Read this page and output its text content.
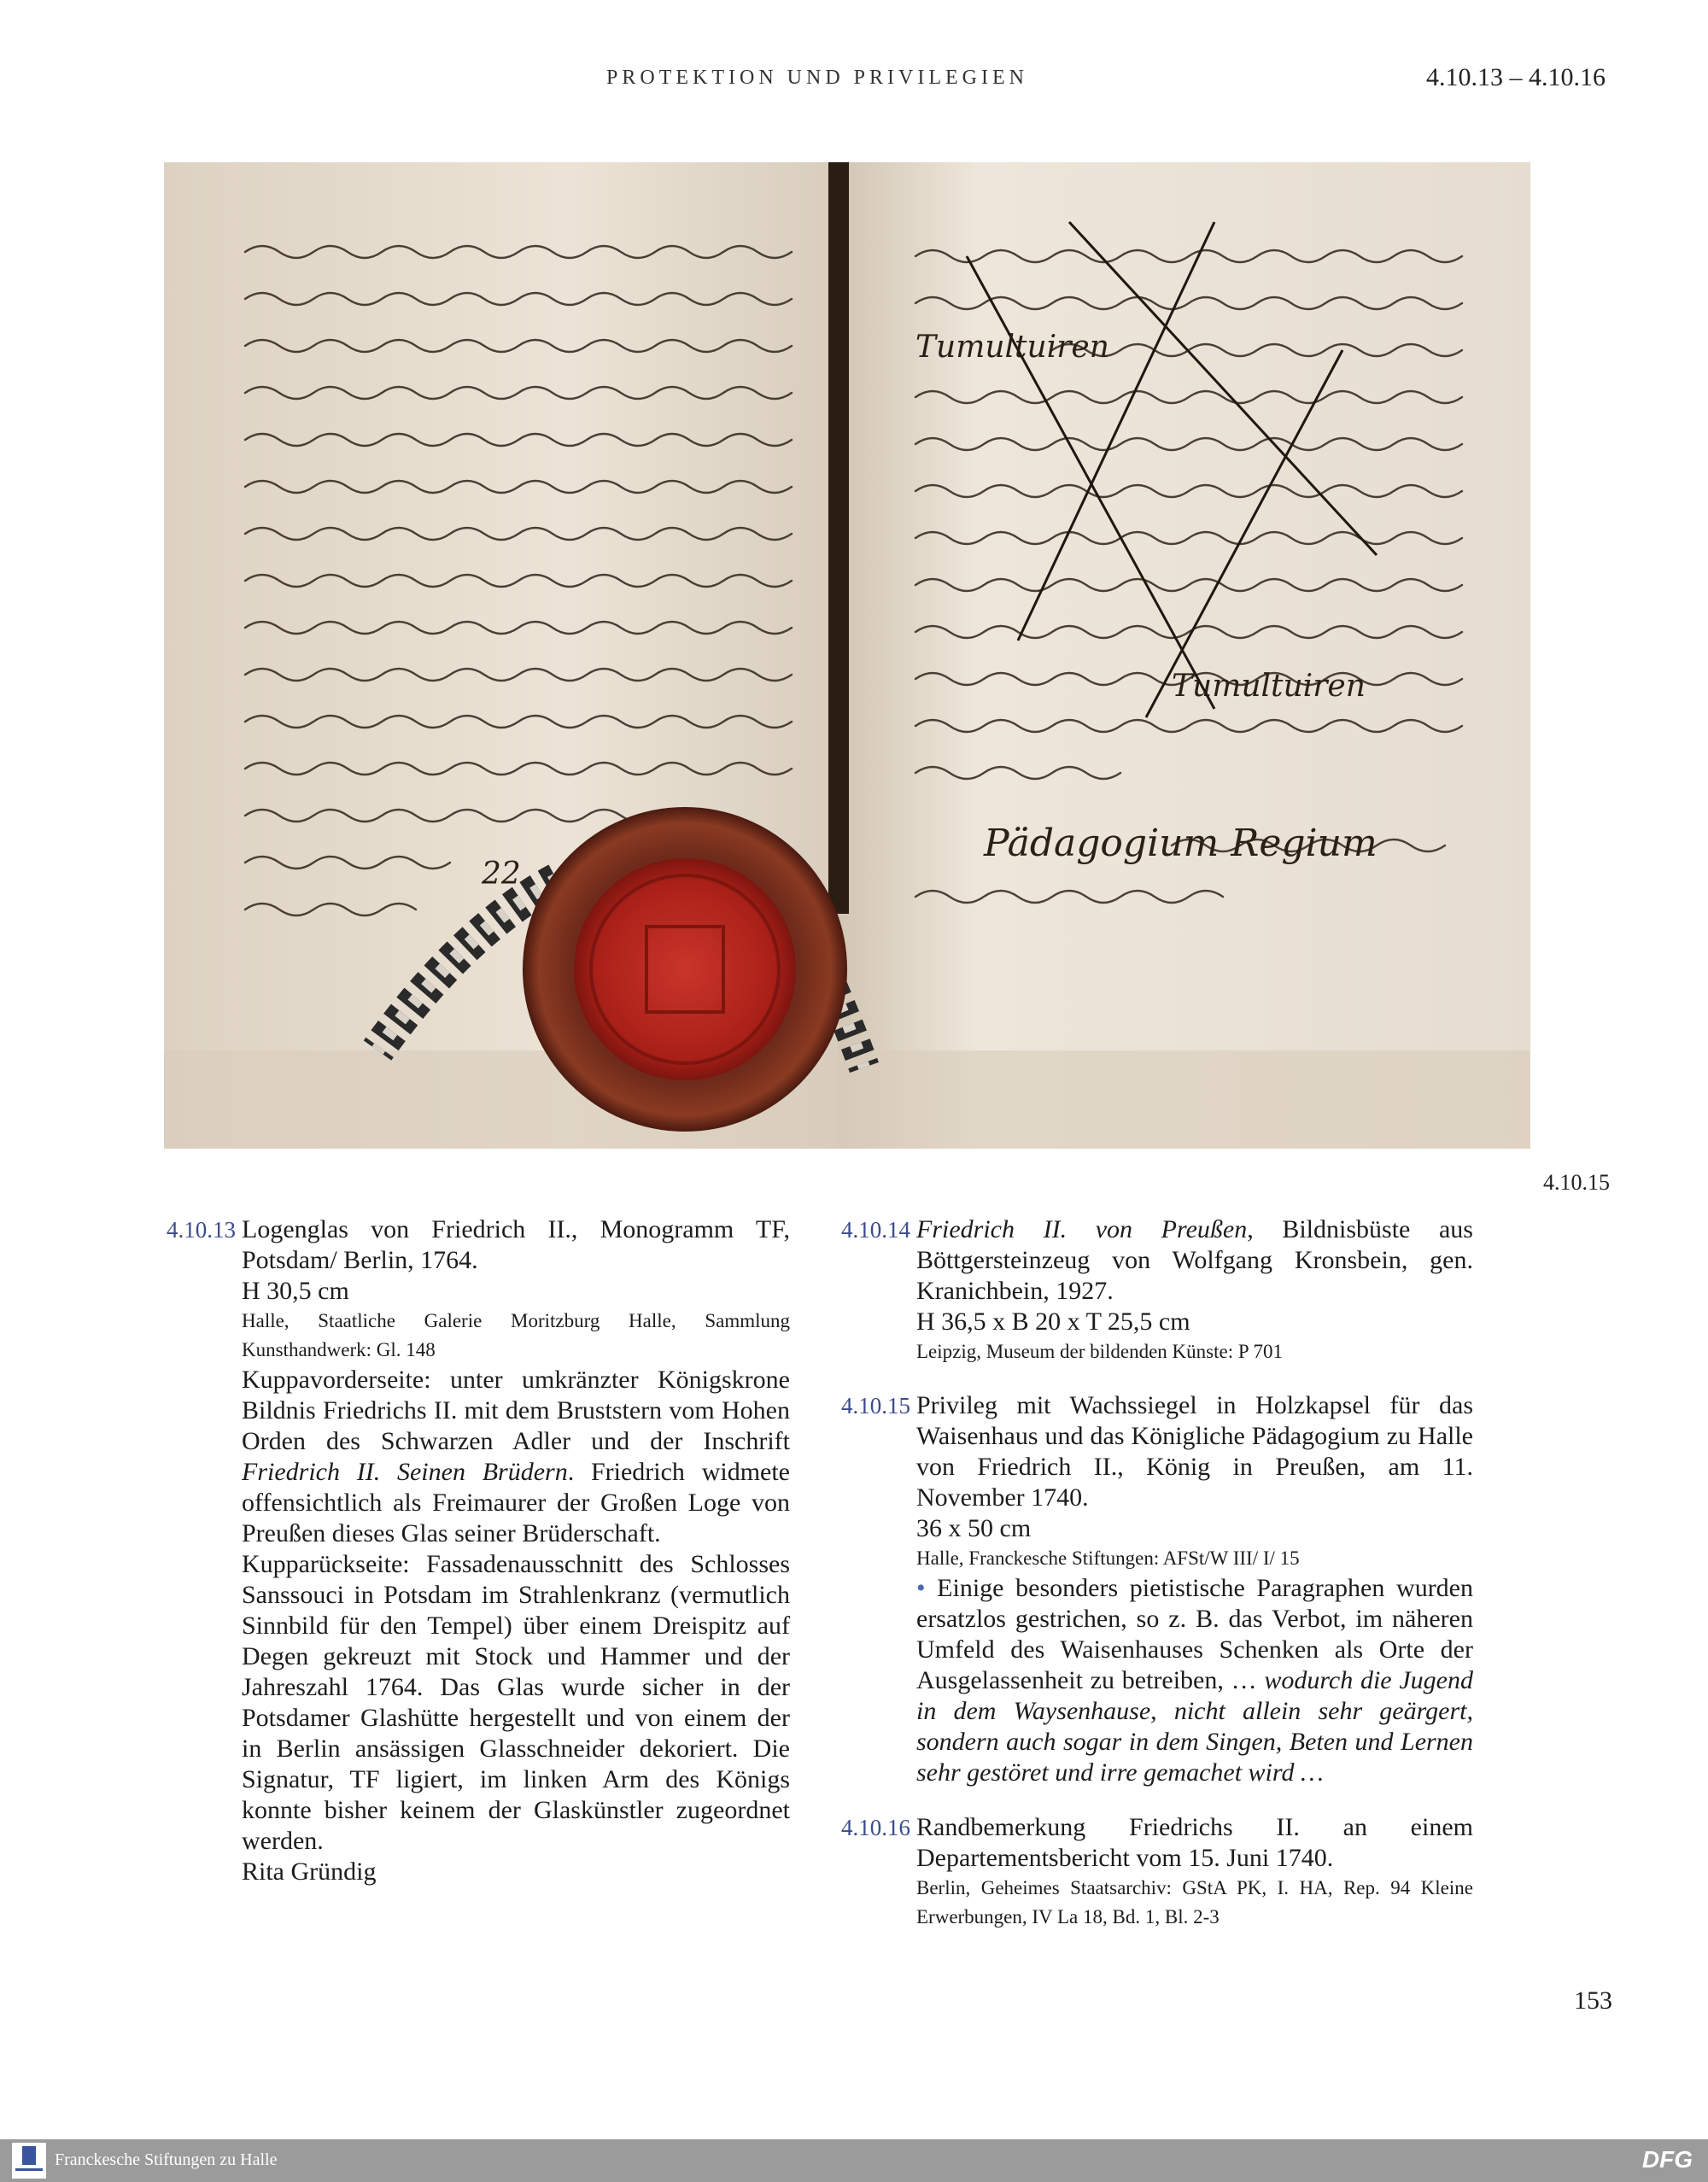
PROTEKTION UND PRIVILEGIEN	4.10.13 – 4.10.16
22.
Tumultuiren
Tumultuiren
Pädagogium Regium
4.10.15
4.10.13 Logenglas von Friedrich II., Monogramm TF, Potsdam/ Berlin, 1764.
H 30,5 cm
Halle, Staatliche Galerie Moritzburg Halle, Sammlung Kunsthandwerk: Gl. 148
Kuppavorderseite: unter umkränzter Königskrone Bildnis Friedrichs II. mit dem Bruststern vom Hohen Orden des Schwarzen Adler und der Inschrift Friedrich II. Seinen Brüdern. Friedrich widmete offensichtlich als Freimaurer der Großen Loge von Preußen dieses Glas seiner Brüderschaft.
Kupparückseite: Fassadenausschnitt des Schlosses Sanssouci in Potsdam im Strahlenkranz (vermutlich Sinnbild für den Tempel) über einem Dreispitz auf Degen gekreuzt mit Stock und Hammer und der Jahreszahl 1764. Das Glas wurde sicher in der Potsdamer Glashütte hergestellt und von einem der in Berlin ansässigen Glasschneider dekoriert. Die Signatur, TF ligiert, im linken Arm des Königs konnte bisher keinem der Glaskünstler zugeordnet werden.
Rita Gründig
4.10.14 Friedrich II. von Preußen, Bildnisbüste aus Böttgersteinzeug von Wolfgang Kronsbein, gen. Kranichbein, 1927.
H 36,5 x B 20 x T 25,5 cm
Leipzig, Museum der bildenden Künste: P 701
4.10.15 Privileg mit Wachssiegel in Holzkapsel für das Waisenhaus und das Königliche Pädagogium zu Halle von Friedrich II., König in Preußen, am 11. November 1740.
36 x 50 cm
Halle, Franckesche Stiftungen: AFSt/W III/ I/ 15
• Einige besonders pietistische Paragraphen wurden ersatzlos gestrichen, so z. B. das Verbot, im näheren Umfeld des Waisenhauses Schenken als Orte der Ausgelassenheit zu betreiben, … wodurch die Jugend in dem Waysenhause, nicht allein sehr geärgert, sondern auch sogar in dem Singen, Beten und Lernen sehr gestöret und irre gemachet wird …
4.10.16 Randbemerkung Friedrichs II. an einem Departementsbericht vom 15. Juni 1740.
Berlin, Geheimes Staatsarchiv: GStA PK, I. HA, Rep. 94 Kleine Erwerbungen, IV La 18, Bd. 1, Bl. 2-3
153
Franckesche Stiftungen zu Halle	DFG
